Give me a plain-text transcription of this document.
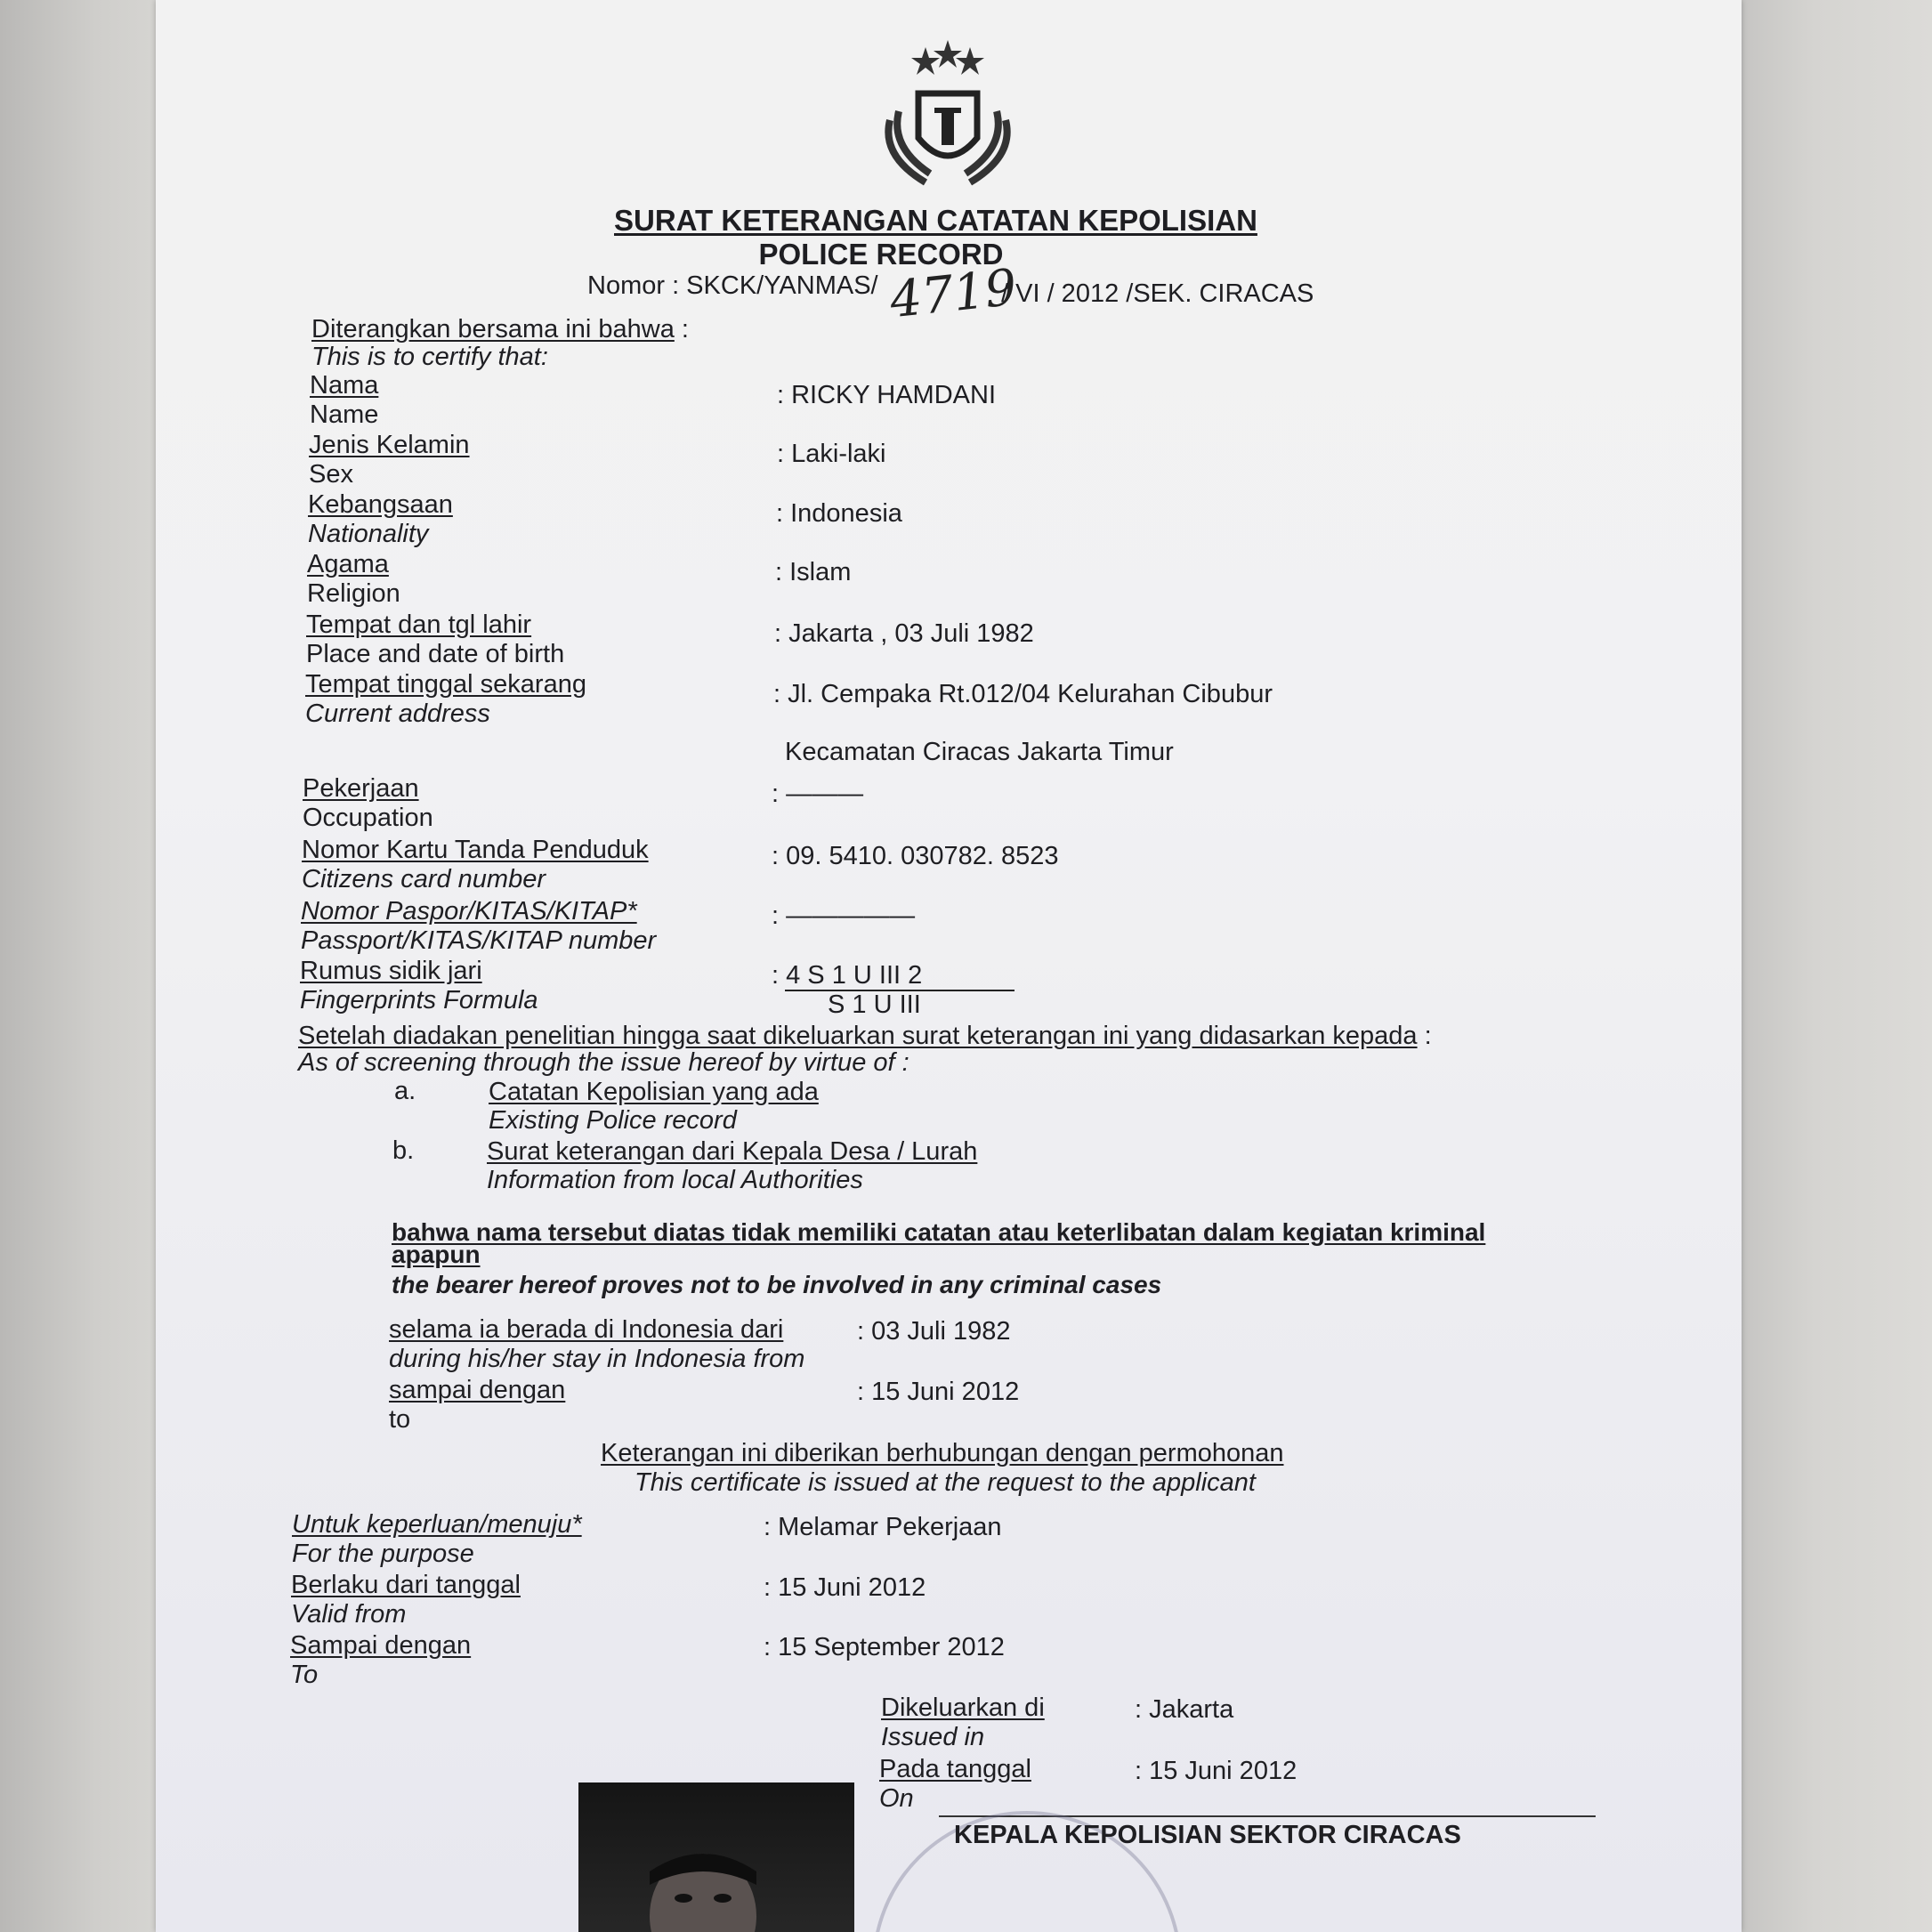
SURAT KETERANGAN CATATAN KEPOLISIAN
POLICE RECORD
Nomor : SKCK/YANMAS/ 4719
/ VI / 2012 /SEK. CIRACAS
Diterangkan bersama ini bahwa :
This is to certify that:
Nama
Name
: RICKY HAMDANI
Jenis Kelamin
Sex
: Laki-laki
Kebangsaan
Nationality
: Indonesia
Agama
Religion
: Islam
Tempat dan tgl lahir
Place and date of birth
: Jakarta , 03 Juli 1982
Tempat tinggal sekarang
Current address
: Jl. Cempaka Rt.012/04 Kelurahan Cibubur
Kecamatan Ciracas Jakarta Timur
Pekerjaan
Occupation
: ———
Nomor Kartu Tanda Penduduk
Citizens card number
: 09. 5410. 030782. 8523
Nomor Paspor/KITAS/KITAP*
Passport/KITAS/KITAP number
: —————
Rumus sidik jari
Fingerprints Formula
: 4 S 1 U III 2
S 1 U III
Setelah diadakan penelitian hingga saat dikeluarkan surat keterangan ini yang didasarkan kepada :
As of screening through the issue hereof by virtue of :
a.	Catatan Kepolisian yang ada
Existing Police record
b.	Surat keterangan dari Kepala Desa / Lurah
Information from local Authorities
bahwa nama tersebut diatas tidak memiliki catatan atau keterlibatan dalam kegiatan kriminal
apapun
the bearer hereof proves not to be involved in any criminal cases
selama ia berada di Indonesia dari
during his/her stay in Indonesia from
: 03 Juli 1982
sampai dengan
to
: 15 Juni 2012
Keterangan ini diberikan berhubungan dengan permohonan
This certificate is issued at the request to the applicant
Untuk keperluan/menuju*
For the purpose
: Melamar Pekerjaan
Berlaku dari tanggal
Valid from
: 15 Juni 2012
Sampai dengan
To
: 15 September 2012
Dikeluarkan di
Issued in
: Jakarta
Pada tanggal
On
: 15 Juni 2012
KEPALA KEPOLISIAN SEKTOR CIRACAS
